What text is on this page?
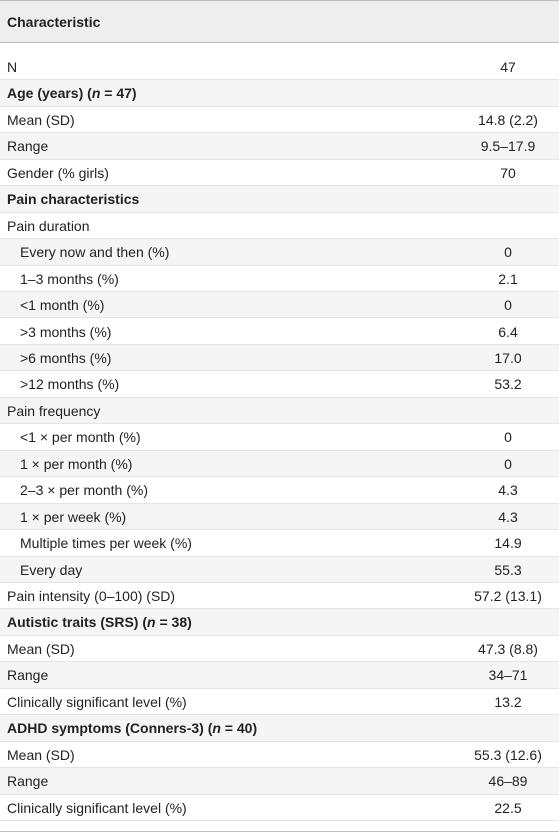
Characteristic
N	47
Age (years) (n = 47)
Mean (SD)	14.8 (2.2)
Range	9.5–17.9
Gender (% girls)	70
Pain characteristics
Pain duration
Every now and then (%)	0
1–3 months (%)	2.1
<1 month (%)	0
>3 months (%)	6.4
>6 months (%)	17.0
>12 months (%)	53.2
Pain frequency
<1 × per month (%)	0
1 × per month (%)	0
2–3 × per month (%)	4.3
1 × per week (%)	4.3
Multiple times per week (%)	14.9
Every day	55.3
Pain intensity (0–100) (SD)	57.2 (13.1)
Autistic traits (SRS) (n = 38)
Mean (SD)	47.3 (8.8)
Range	34–71
Clinically significant level (%)	13.2
ADHD symptoms (Conners-3) (n = 40)
Mean (SD)	55.3 (12.6)
Range	46–89
Clinically significant level (%)	22.5
